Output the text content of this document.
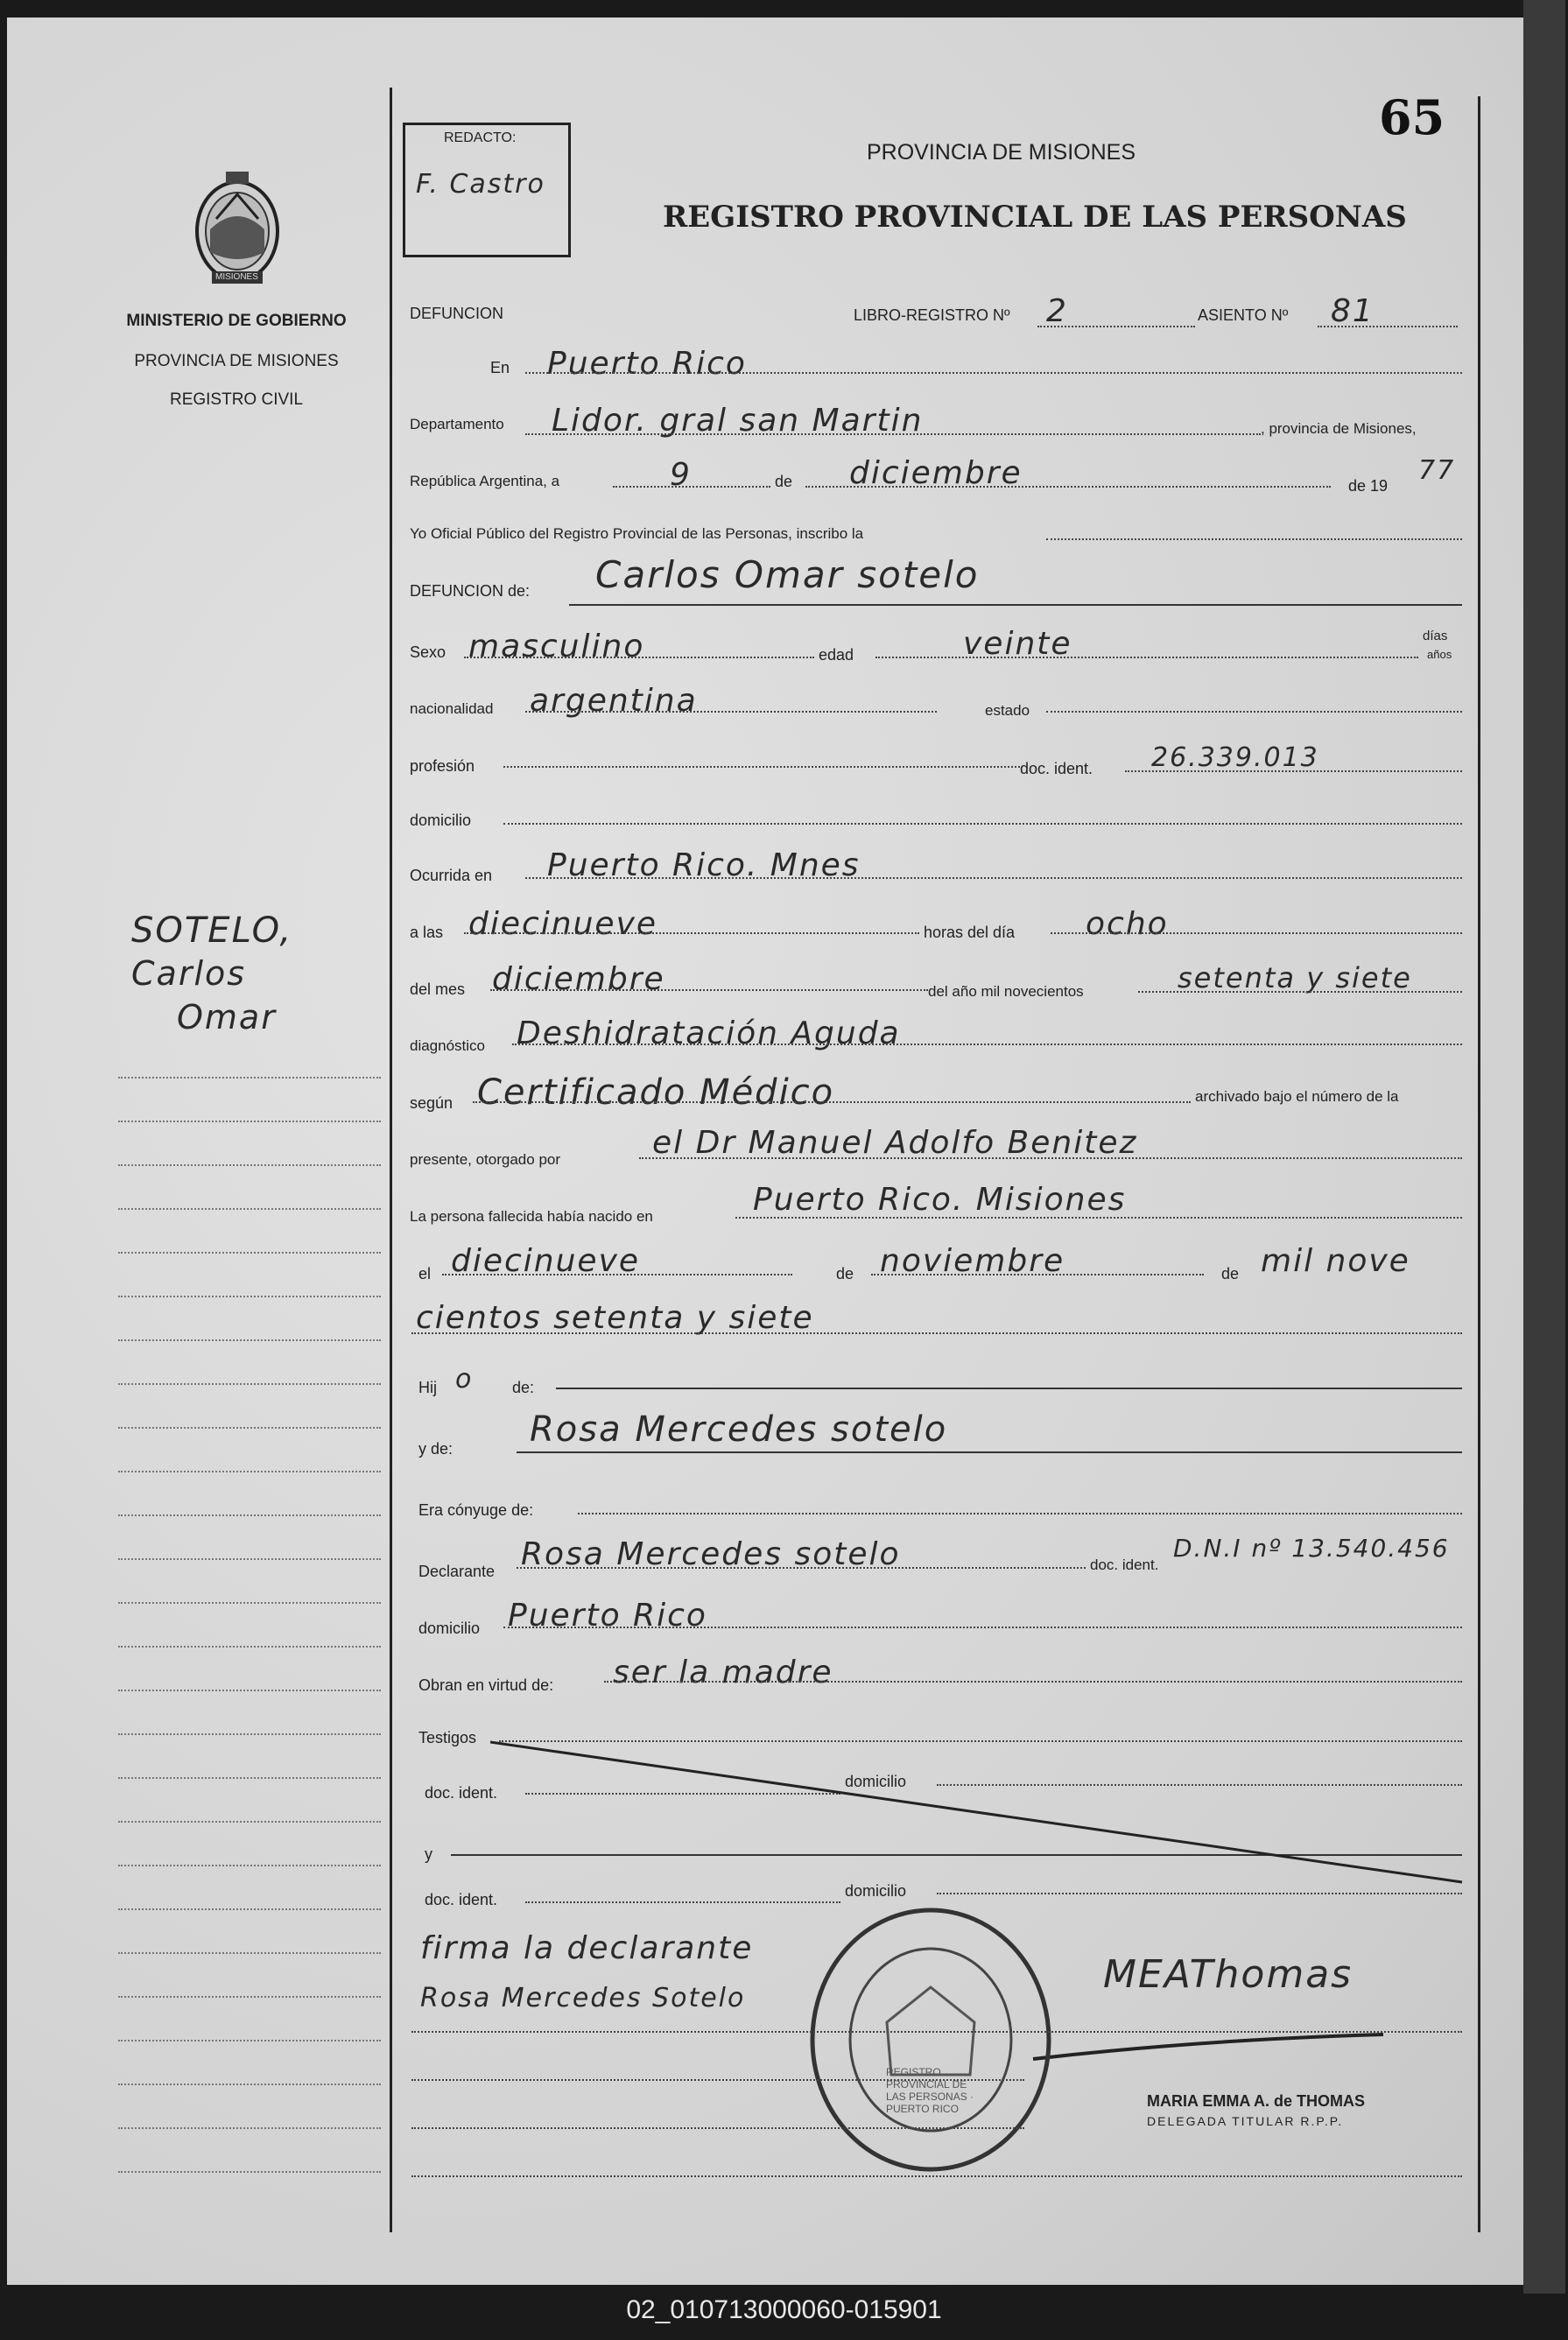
MISIONES
MINISTERIO DE GOBIERNO
PROVINCIA DE MISIONES
REGISTRO CIVIL
REDACTO:
F. Castro
65
PROVINCIA DE MISIONES
REGISTRO PROVINCIAL DE LAS PERSONAS
SOTELO,
Carlos
Omar
DEFUNCION	LIBRO-REGISTRO Nº 2	ASIENTO Nº 81
En Puerto Rico
Departamento Lidor. gral san Martin	, provincia de Misiones,
República Argentina, a	9	de diciembre	de 19 77
Yo Oficial Público del Registro Provincial de las Personas, inscribo la
DEFUNCION de: Carlos Omar sotelo
Sexo masculino	edad	veinte	días
años
nacionalidad argentina	estado
profesión	doc. ident. 26.339.013
domicilio
Ocurrida en Puerto Rico. Mnes
a las diecinueve	horas del día ocho
del mes diciembre	del año mil novecientos	setenta y siete
diagnóstico Deshidratación Aguda
según Certificado Médico	archivado bajo el número de la
presente, otorgado por	el Dr Manuel Adolfo Benitez
La persona fallecida había nacido en	Puerto Rico. Misiones
el diecinueve	de noviembre	de mil nove
cientos setenta y siete
Hij o de:
y de: Rosa Mercedes sotelo
Era cónyuge de:
Declarante Rosa Mercedes sotelo	doc. ident.
D.N.I nº 13.540.456
domicilio Puerto Rico
Obran en virtud de: ser la madre
Testigos
doc. ident.
domicilio
y
doc. ident.	domicilio
firma la declarante
Rosa Mercedes Sotelo
MEAThomas
MARIA EMMA A. de THOMAS
DELEGADA TITULAR R.P.P.
REGISTRO PROVINCIAL DE LAS PERSONAS · PUERTO RICO
02_010713000060-015901
